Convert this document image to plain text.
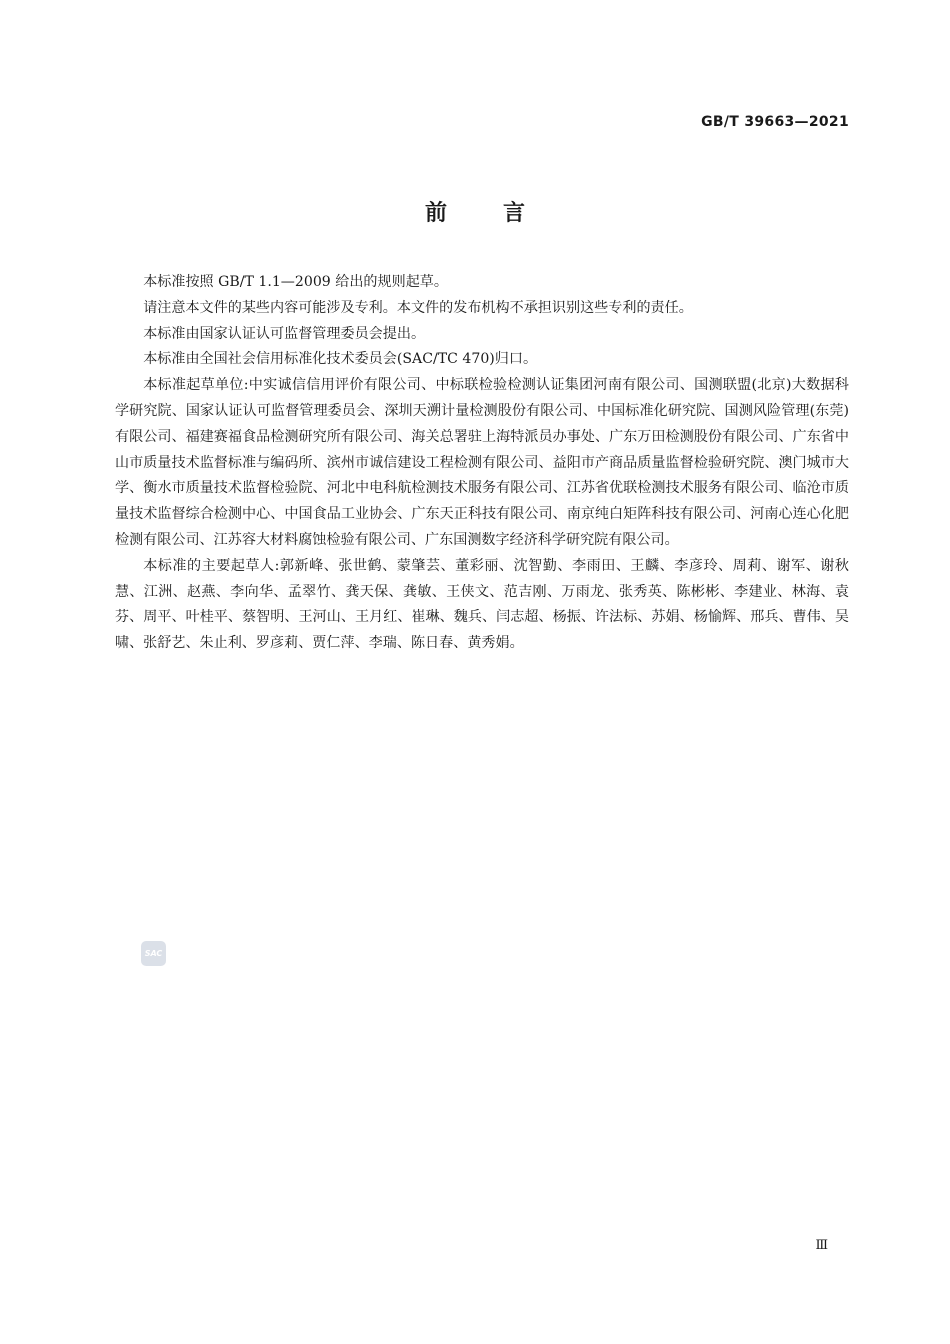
GB/T 39663—2021
前言

本标准按照 GB/T 1.1—2009 给出的规则起草。

请注意本文件的某些内容可能涉及专利。本文件的发布机构不承担识别这些专利的责任。

本标准由国家认证认可监督管理委员会提出。

本标准由全国社会信用标准化技术委员会(SAC/TC 470)归口。

本标准起草单位:中实诚信信用评价有限公司、中标联检验检测认证集团河南有限公司、国测联盟(北京)大数据科学研究院、国家认证认可监督管理委员会、深圳天溯计量检测股份有限公司、中国标准化研究院、国测风险管理(东莞)有限公司、福建赛福食品检测研究所有限公司、海关总署驻上海特派员办事处、广东万田检测股份有限公司、广东省中山市质量技术监督标准与编码所、滨州市诚信建设工程检测有限公司、益阳市产商品质量监督检验研究院、澳门城市大学、衡水市质量技术监督检验院、河北中电科航检测技术服务有限公司、江苏省优联检测技术服务有限公司、临沧市质量技术监督综合检测中心、中国食品工业协会、广东天正科技有限公司、南京纯白矩阵科技有限公司、河南心连心化肥检测有限公司、江苏容大材料腐蚀检验有限公司、广东国测数字经济科学研究院有限公司。

本标准的主要起草人:郭新峰、张世鹤、蒙肇芸、董彩丽、沈智勤、李雨田、王麟、李彦玲、周莉、谢军、谢秋慧、江洲、赵燕、李向华、孟翠竹、龚天保、龚敏、王侠文、范吉刚、万雨龙、张秀英、陈彬彬、李建业、林海、袁芬、周平、叶桂平、蔡智明、王河山、王月红、崔琳、魏兵、闫志超、杨振、许法标、苏娟、杨愉辉、邢兵、曹伟、吴啸、张舒艺、朱止利、罗彦莉、贾仁萍、李瑞、陈日春、黄秀娟。

SAC
Ⅲ
